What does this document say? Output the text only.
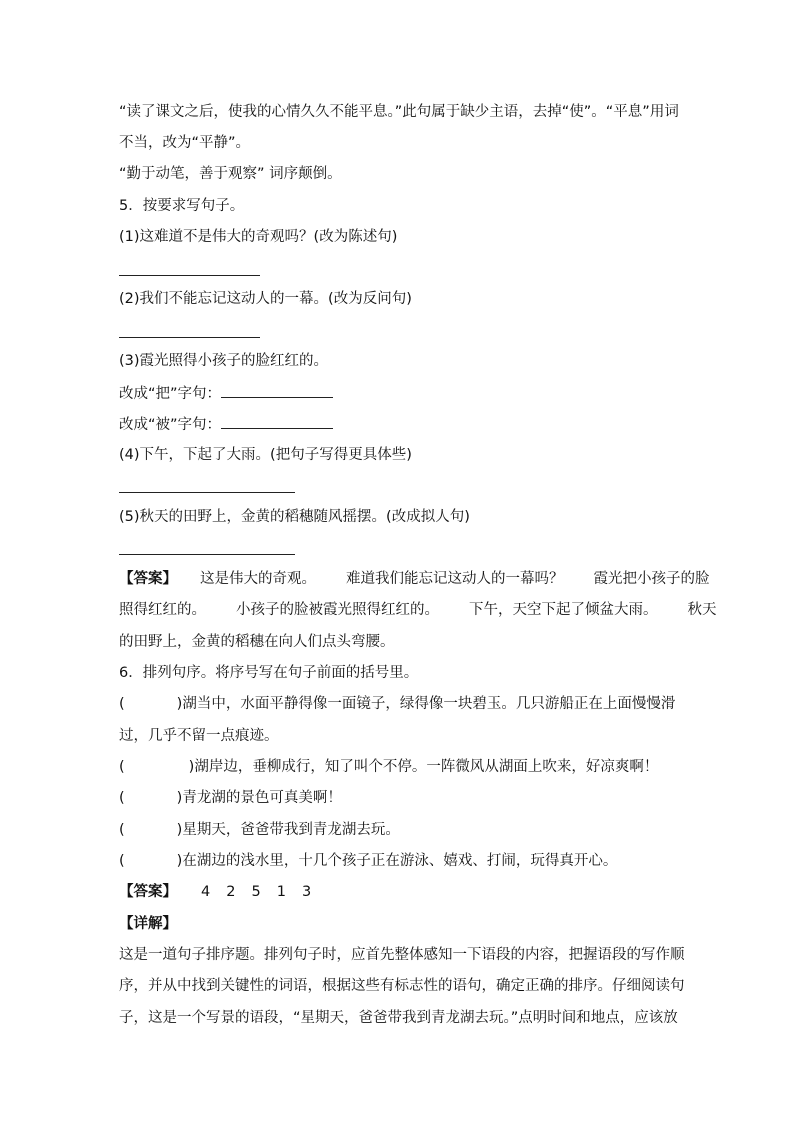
“读了课文之后，使我的心情久久不能平息。”此句属于缺少主语，去掉“使”。“平息”用词
不当，改为“平静”。
“勤于动笔，善于观察” 词序颠倒。
5．按要求写句子。
(1)这难道不是伟大的奇观吗？(改为陈述句)
(2)我们不能忘记这动人的一幕。(改为反问句)
(3)霞光照得小孩子的脸红红的。
改成“把”字句：
改成“被”字句：
(4)下午，下起了大雨。(把句子写得更具体些)
(5)秋天的田野上，金黄的稻穗随风摇摆。(改成拟人句)
【答案】 这是伟大的奇观。 难道我们能忘记这动人的一幕吗？ 霞光把小孩子的脸
照得红红的。 小孩子的脸被霞光照得红红的。 下午，天空下起了倾盆大雨。 秋天
的田野上，金黄的稻穗在向人们点头弯腰。
6．排列句序。将序号写在句子前面的括号里。
(	)湖当中，水面平静得像一面镜子，绿得像一块碧玉。几只游船正在上面慢慢滑
过，几乎不留一点痕迹。
(	)湖岸边，垂柳成行，知了叫个不停。一阵微风从湖面上吹来，好凉爽啊！
(	)青龙湖的景色可真美啊！
(	)星期天，爸爸带我到青龙湖去玩。
(	)在湖边的浅水里，十几个孩子正在游泳、嬉戏、打闹，玩得真开心。
【答案】 4 2 5 1 3
【详解】
这是一道句子排序题。排列句子时，应首先整体感知一下语段的内容，把握语段的写作顺
序，并从中找到关键性的词语，根据这些有标志性的语句，确定正确的排序。仔细阅读句
子，这是一个写景的语段，“星期天，爸爸带我到青龙湖去玩。”点明时间和地点，应该放
